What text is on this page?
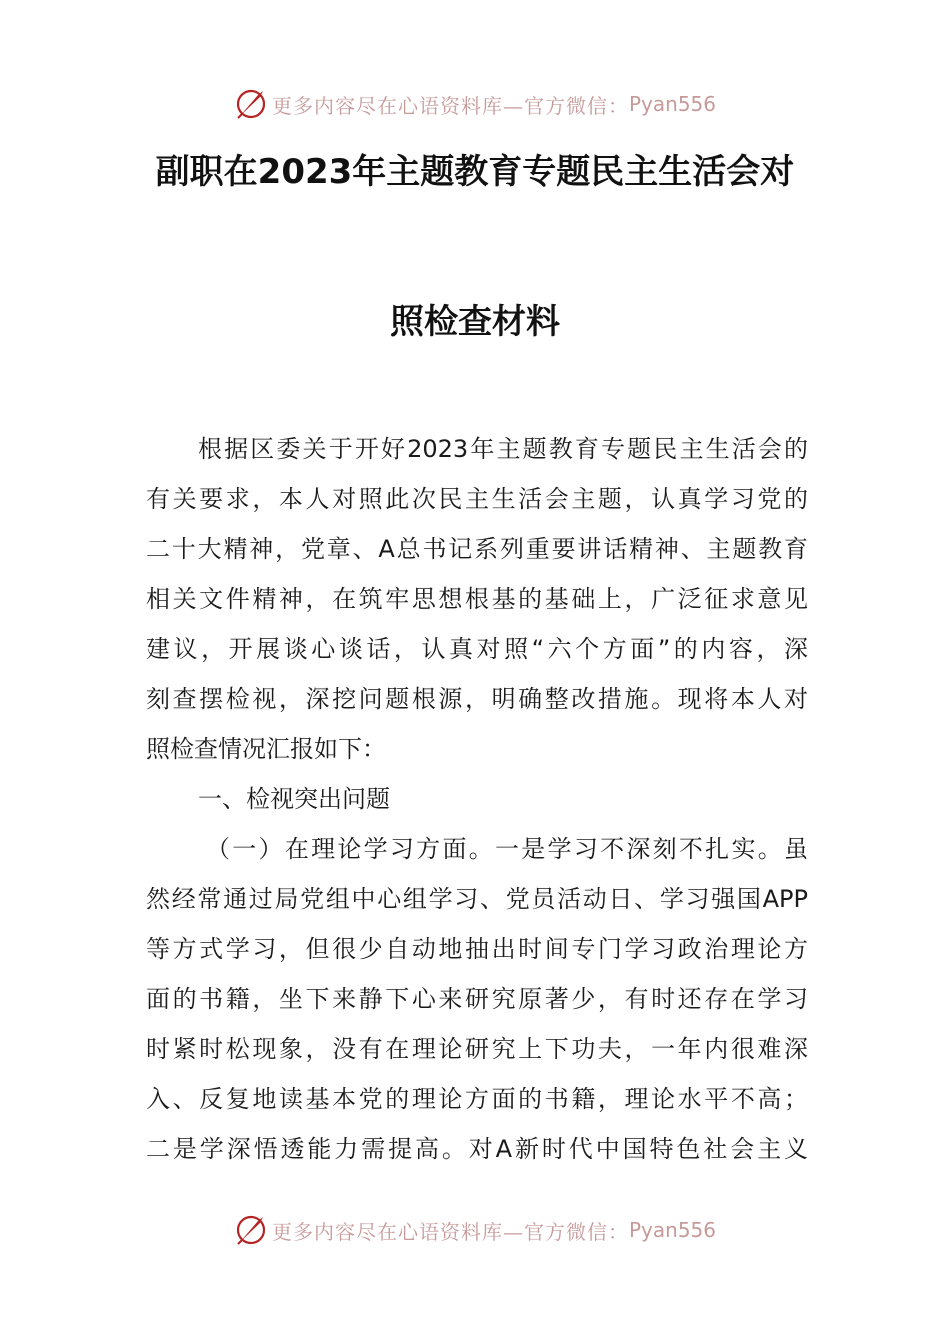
更多内容尽在心语资料库—官方微信： Pyan556
副职在2023年主题教育专题民主生活会对
照检查材料
根据区委关于开好2023年主题教育专题民主生活会的
有关要求，本人对照此次民主生活会主题，认真学习党的
二十大精神，党章、A总书记系列重要讲话精神、主题教育
相关文件精神，在筑牢思想根基的基础上，广泛征求意见
建议，开展谈心谈话，认真对照“六个方面”的内容，深
刻查摆检视，深挖问题根源，明确整改措施。现将本人对
照检查情况汇报如下：
一、检视突出问题
（一）在理论学习方面。一是学习不深刻不扎实。虽
然经常通过局党组中心组学习、党员活动日、学习强国APP
等方式学习，但很少自动地抽出时间专门学习政治理论方
面的书籍，坐下来静下心来研究原著少，有时还存在学习
时紧时松现象，没有在理论研究上下功夫，一年内很难深
入、反复地读基本党的理论方面的书籍，理论水平不高；
二是学深悟透能力需提高。对A新时代中国特色社会主义
更多内容尽在心语资料库—官方微信： Pyan556
